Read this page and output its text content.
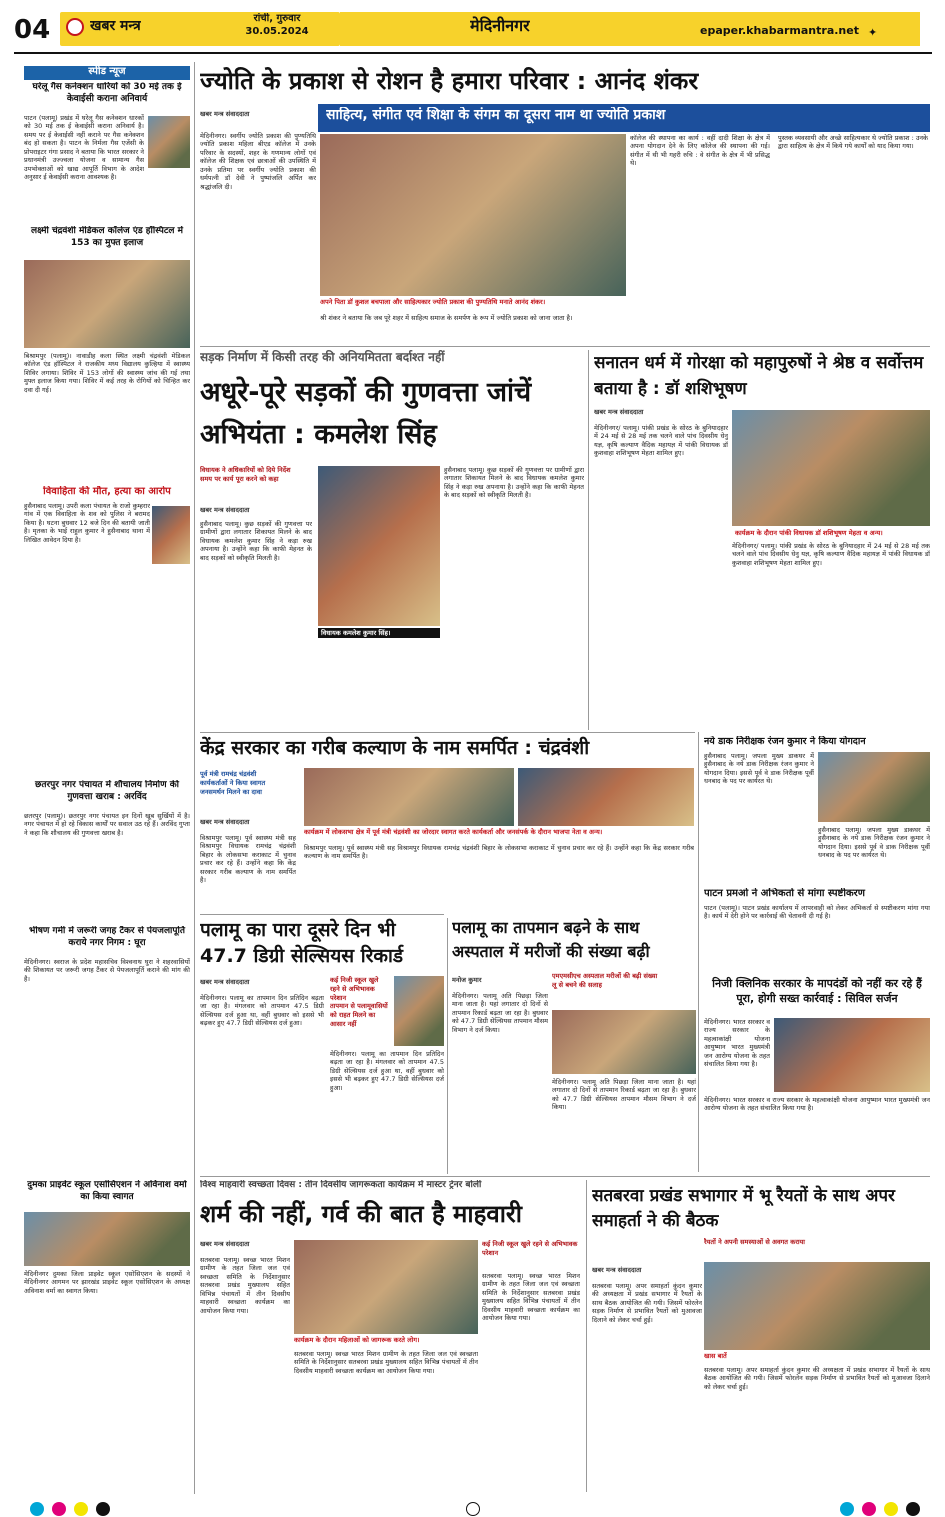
04	खबर मन्त्र	रांची, गुरुवार
30.05.2024	मेदिनीनगर	epaper.khabarmantra.net ✦
स्पीड न्यूज
घरेलू गैस कनेक्शन धारियों को 30 मई तक ई केवाईसी कराना अनिवार्य
पाटन (पलामू) प्रखंड में घरेलू गैस कनेक्शन धारकों को 30 मई तक ई केवाईसी कराना अनिवार्य है। समय पर ई केवाईसी नहीं कराने पर गैस कनेक्शन बंद हो सकता है। पाटन के निर्मला गैस एजेंसी के प्रोपराइटर गंगा प्रसाद ने बताया कि भारत सरकार ने प्रधानमंत्री उज्ज्वला योजना व सामान्य गैस उपभोक्ताओं को खाद्य आपूर्ति विभाग के आदेश अनुसार ई केवाईसी कराना आवश्यक है।
लक्ष्मी चंद्रवंशी मेडिकल कॉलेज एंड हॉस्पिटल में 153 का मुफ्त इलाज
बिश्रामपुर (पलामू)। नावाडीह कला स्थित लक्ष्मी चंद्रवंशी मेडिकल कॉलेज एंड हॉस्पिटल ने राजकीय मध्य विद्यालय कुल्हिया में स्वास्थ्य शिविर लगाया। शिविर में 153 लोगों की स्वास्थ्य जांच की गई तथा मुफ्त इलाज किया गया। शिविर में कई तरह के रोगियों को चिन्हित कर दवा दी गई।
विवाहिता की मौत, हत्या का आरोप
हुसैनाबाद पलामू। उपरी कला पंचायत के राजो कुम्हरार गांव में एक विवाहिता के शव को पुलिस ने बरामद किया है। घटना बुधवार 12 बजे दिन की बतायी जाती है। मृतका के भाई राहुल कुमार ने हुसैनाबाद थाना में लिखित आवेदन दिया है।
छतरपुर नगर पंचायत में शौचालय निर्माण की गुणवत्ता खराब : अरविंद
छतरपुर (पलामू)। छतरपुर नगर पंचायत इन दिनों खूब सुर्खियों में है। नगर पंचायत में हो रहे विकास कार्यों पर सवाल उठ रहे हैं। अरविंद गुप्ता ने कहा कि शौचालय की गुणवत्ता खराब है।
भीषण गर्मी में जरूरी जगह टैंकर से पेयजलापूर्ति कराये नगर निगम : घूरा
मेदिनीनगर। स्वराज के प्रदेश महासचिव विश्वनाथ घुरा ने शहरवासियों की शिकायत पर जरूरी जगह टैंकर से पेयजलापूर्ति कराने की मांग की है।
दुमका प्राइवेट स्कूल एसोसिएशन ने अविनाश वर्मा का किया स्वागत
मेदिनीनगर दुमका जिला प्राइवेट स्कूल एसोसिएशन के सदस्यों ने मेदिनीनगर आगमन पर झारखंड प्राइवेट स्कूल एसोसिएशन के अध्यक्ष अविनाश वर्मा का स्वागत किया।
ज्योति के प्रकाश से रोशन है हमारा परिवार : आनंद शंकर
साहित्य, संगीत एवं शिक्षा के संगम का दूसरा नाम था ज्योति प्रकाश
खबर मन्त्र संवाददाता
मेदिनीनगर। स्वर्गीय ज्योति प्रकाश की पुण्यतिथि ज्योति प्रकाश महिला बीएड कॉलेज में उनके परिवार के सदस्यों, शहर के गणमान्य लोगों एवं कॉलेज की शिक्षक एवं छात्राओं की उपस्थिति में उनके प्रतिमा पर स्वर्गीय ज्योति प्रकाश की धर्मपत्नी डॉ देवी ने पुष्पांजलि अर्पित कर श्रद्धांजलि दी।
अपने पिता डॉ कुशल बचपाला और साहित्यकार ज्योति प्रकाश की पुण्यतिथि मनाते आनंद शंकर।
कॉलेज की स्थापना का कार्य : वहीं दादी शिक्षा के क्षेत्र में अपना योगदान देने के लिए कॉलेज की स्थापना की गई। संगीत में थी भी गहरी रुचि : वे संगीत के क्षेत्र में भी प्रसिद्ध थे।
पुस्तक व्यवसायी और अच्छे साहित्यकार थे ज्योति प्रकाश : उनके द्वारा साहित्य के क्षेत्र में किये गये कार्यों को याद किया गया।
श्री शंकर ने बताया कि जब पूरे शहर में साहित्य समाज के समर्पण के रूप में ज्योति प्रकाश को जाना जाता है।
सड़क निर्माण में किसी तरह की अनियमितता बर्दाश्त नहीं
अधूरे-पूरे सड़कों की गुणवत्ता जांचें अभियंता : कमलेश सिंह
विधायक ने अधिकारियों को दिये निर्देश
समय पर कार्य पूरा करने को कहा
खबर मन्त्र संवाददाता
हुसैनाबाद पलामू। कुछ सड़कों की गुणवत्ता पर ग्रामीणों द्वारा लगातार शिकायत मिलने के बाद विधायक कमलेश कुमार सिंह ने कड़ा रुख अपनाया है। उन्होंने कहा कि काफी मेहनत के बाद सड़कों को स्वीकृति मिलती है।
विधायक कमलेश कुमार सिंह।
हुसैनाबाद पलामू। कुछ सड़कों की गुणवत्ता पर ग्रामीणों द्वारा लगातार शिकायत मिलने के बाद विधायक कमलेश कुमार सिंह ने कड़ा रुख अपनाया है। उन्होंने कहा कि काफी मेहनत के बाद सड़कों को स्वीकृति मिलती है।
सनातन धर्म में गोरक्षा को महापुरुषों ने श्रेष्ठ व सर्वोत्तम बताया है : डॉ शशिभूषण
खबर मन्त्र संवाददाता
मेदिनीनगर/ पलामू। पांकी प्रखंड के सोरठ के बुनियादहार में 24 मई से 28 मई तक चलने वाले पांच दिवसीय धेनु यज्ञ, कृषि कल्याण वैदिक महायज्ञ में पांकी विधायक डॉ कुशवाहा शशिभूषण मेहता शामिल हुए।
कार्यक्रम के दौरान पांकी विधायक डॉ शशिभूषण मेहता व अन्य।
मेदिनीनगर/ पलामू। पांकी प्रखंड के सोरठ के बुनियादहार में 24 मई से 28 मई तक चलने वाले पांच दिवसीय धेनु यज्ञ, कृषि कल्याण वैदिक महायज्ञ में पांकी विधायक डॉ कुशवाहा शशिभूषण मेहता शामिल हुए।
केंद्र सरकार का गरीब कल्याण के नाम समर्पित : चंद्रवंशी
पूर्व मंत्री रामचंद्र चंद्रवंशी
कार्यकर्ताओं ने किया स्वागत
जनसमर्थन मिलने का दावा
कार्यक्रम में लोकसभा क्षेत्र में पूर्व मंत्री चंद्रवंशी का जोरदार स्वागत करते कार्यकर्ता और जनसंपर्क के दौरान भाजपा नेता व अन्य।
खबर मन्त्र संवाददाता
विश्रामपुर पलामू। पूर्व स्वास्थ्य मंत्री सह विश्रामपुर विधायक रामचंद्र चंद्रवंशी बिहार के लोकसभा कराकाट में चुनाव प्रचार कर रहे हैं। उन्होंने कहा कि केंद्र सरकार गरीब कल्याण के नाम समर्पित है।
विश्रामपुर पलामू। पूर्व स्वास्थ्य मंत्री सह विश्रामपुर विधायक रामचंद्र चंद्रवंशी बिहार के लोकसभा कराकाट में चुनाव प्रचार कर रहे हैं। उन्होंने कहा कि केंद्र सरकार गरीब कल्याण के नाम समर्पित है।
नये डाक निरीक्षक रंजन कुमार ने किया योगदान
हुसैनाबाद पलामू। जपला मुख्य डाकघर में हुसैनाबाद के नये डाक निरीक्षक रंजन कुमार ने योगदान दिया। इससे पूर्व वे डाक निरीक्षक पूर्वी धनबाद के पद पर कार्यरत थे।
हुसैनाबाद पलामू। जपला मुख्य डाकघर में हुसैनाबाद के नये डाक निरीक्षक रंजन कुमार ने योगदान दिया। इससे पूर्व वे डाक निरीक्षक पूर्वी धनबाद के पद पर कार्यरत थे।
पाटन प्रमओ ने अभिकर्ता से मांगा स्पष्टीकरण
पाटन (पलामू)। पाटन प्रखंड कार्यालय में लापरवाही को लेकर अभिकर्ता से स्पष्टीकरण मांगा गया है। कार्य में देरी होने पर कार्रवाई की चेतावनी दी गई है।
पलामू का पारा दूसरे दिन भी 47.7 डिग्री सेल्सियस रिकार्ड
खबर मन्त्र संवाददाता	कई निजी स्कूल खुले रहने से अभिभावक परेशान
तापमान से पलामूवासियों को राहत मिलने का आसार नहीं
मेदिनीनगर। पलामू का तापमान दिन प्रतिदिन बढ़ता जा रहा है। मंगलवार को तापमान 47.5 डिग्री सेल्सियस दर्ज हुआ था, वहीं बुधवार को इससे भी बढ़कर हुए 47.7 डिग्री सेल्सियस दर्ज हुआ।
मेदिनीनगर। पलामू का तापमान दिन प्रतिदिन बढ़ता जा रहा है। मंगलवार को तापमान 47.5 डिग्री सेल्सियस दर्ज हुआ था, वहीं बुधवार को इससे भी बढ़कर हुए 47.7 डिग्री सेल्सियस दर्ज हुआ।
पलामू का तापमान बढ़ने के साथ अस्पताल में मरीजों की संख्या बढ़ी
मनोज कुमार
मेदिनीनगर। पलामू अति पिछड़ा जिला माना जाता है। यहां लगातार दो दिनों से तापमान रिकार्ड बढ़ता जा रहा है। बुधवार को 47.7 डिग्री सेल्सियस तापमान मौसम विभाग ने दर्ज किया।
एमएमसीएच अस्पताल मरीजों की बढ़ी संख्या
लू से बचने की सलाह
मेदिनीनगर। पलामू अति पिछड़ा जिला माना जाता है। यहां लगातार दो दिनों से तापमान रिकार्ड बढ़ता जा रहा है। बुधवार को 47.7 डिग्री सेल्सियस तापमान मौसम विभाग ने दर्ज किया।
निजी क्लिनिक सरकार के मापदंडों को नहीं कर रहे हैं पूरा, होगी सख्त कार्रवाई : सिविल सर्जन
मेदिनीनगर। भारत सरकार व राज्य सरकार के महत्वाकांक्षी योजना आयुष्मान भारत मुख्यमंत्री जन आरोग्य योजना के तहत संचालित किया गया है।
मेदिनीनगर। भारत सरकार व राज्य सरकार के महत्वाकांक्षी योजना आयुष्मान भारत मुख्यमंत्री जन आरोग्य योजना के तहत संचालित किया गया है।
विश्व माहवारी स्वच्छता दिवस : तीन दिवसीय जागरूकता कार्यक्रम में मास्टर ट्रेनर बोलीं
शर्म की नहीं, गर्व की बात है माहवारी
खबर मन्त्र संवाददाता
सतबरवा पलामू। स्वच्छ भारत मिशन ग्रामीण के तहत जिला जल एवं स्वच्छता समिति के निर्देशानुसार सतबरवा प्रखंड मुख्यालय सहित विभिन्न पंचायतों में तीन दिवसीय माहवारी स्वच्छता कार्यक्रम का आयोजन किया गया।
कार्यक्रम के दौरान महिलाओं को जागरूक करते लोग।
कई निजी स्कूल खुले रहने से अभिभावक परेशान
सतबरवा पलामू। स्वच्छ भारत मिशन ग्रामीण के तहत जिला जल एवं स्वच्छता समिति के निर्देशानुसार सतबरवा प्रखंड मुख्यालय सहित विभिन्न पंचायतों में तीन दिवसीय माहवारी स्वच्छता कार्यक्रम का आयोजन किया गया।
सतबरवा पलामू। स्वच्छ भारत मिशन ग्रामीण के तहत जिला जल एवं स्वच्छता समिति के निर्देशानुसार सतबरवा प्रखंड मुख्यालय सहित विभिन्न पंचायतों में तीन दिवसीय माहवारी स्वच्छता कार्यक्रम का आयोजन किया गया।
सतबरवा प्रखंड सभागार में भू रैयतों के साथ अपर समाहर्ता ने की बैठक
खबर मन्त्र संवाददाता
रैयतों ने अपनी समस्याओं से अवगत कराया
सतबरवा पलामू। अपर समाहर्ता कुंदन कुमार की अध्यक्षता में प्रखंड सभागार में रैयतों के साथ बैठक आयोजित की गयी। जिसमें फोरलेन सड़क निर्माण से प्रभावित रैयतों को मुआवजा दिलाने को लेकर चर्चा हुई।
खास बातें
सतबरवा पलामू। अपर समाहर्ता कुंदन कुमार की अध्यक्षता में प्रखंड सभागार में रैयतों के साथ बैठक आयोजित की गयी। जिसमें फोरलेन सड़क निर्माण से प्रभावित रैयतों को मुआवजा दिलाने को लेकर चर्चा हुई।
